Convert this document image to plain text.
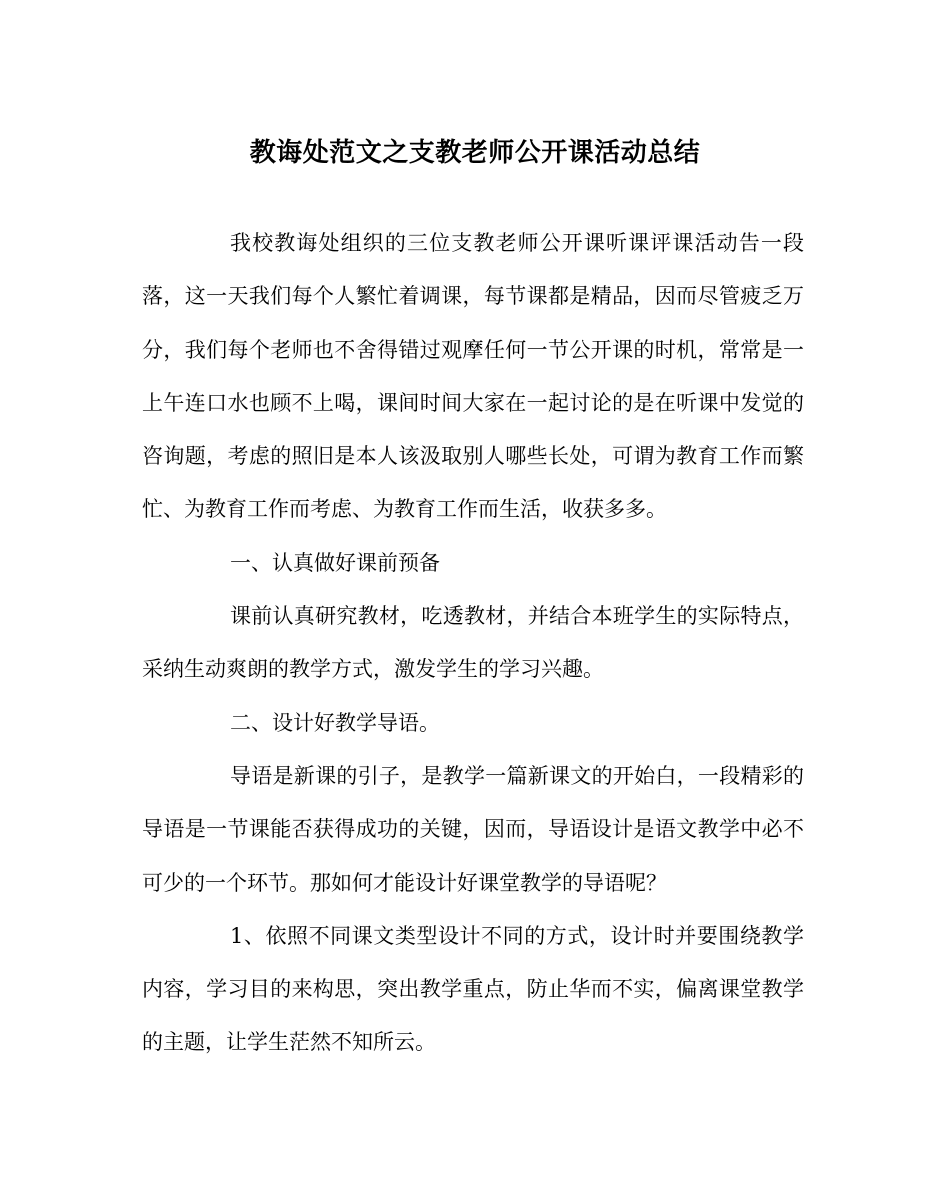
教诲处范文之支教老师公开课活动总结

我校教诲处组织的三位支教老师公开课听课评课活动告一段落，这一天我们每个人繁忙着调课，每节课都是精品，因而尽管疲乏万分，我们每个老师也不舍得错过观摩任何一节公开课的时机，常常是一上午连口水也顾不上喝，课间时间大家在一起讨论的是在听课中发觉的咨询题，考虑的照旧是本人该汲取别人哪些长处，可谓为教育工作而繁忙、为教育工作而考虑、为教育工作而生活，收获多多。

一、认真做好课前预备

课前认真研究教材，吃透教材，并结合本班学生的实际特点，采纳生动爽朗的教学方式，激发学生的学习兴趣。

二、设计好教学导语。

导语是新课的引子，是教学一篇新课文的开始白，一段精彩的导语是一节课能否获得成功的关键，因而，导语设计是语文教学中必不可少的一个环节。那如何才能设计好课堂教学的导语呢？

1、依照不同课文类型设计不同的方式，设计时并要围绕教学内容，学习目的来构思，突出教学重点，防止华而不实，偏离课堂教学的主题，让学生茫然不知所云。
